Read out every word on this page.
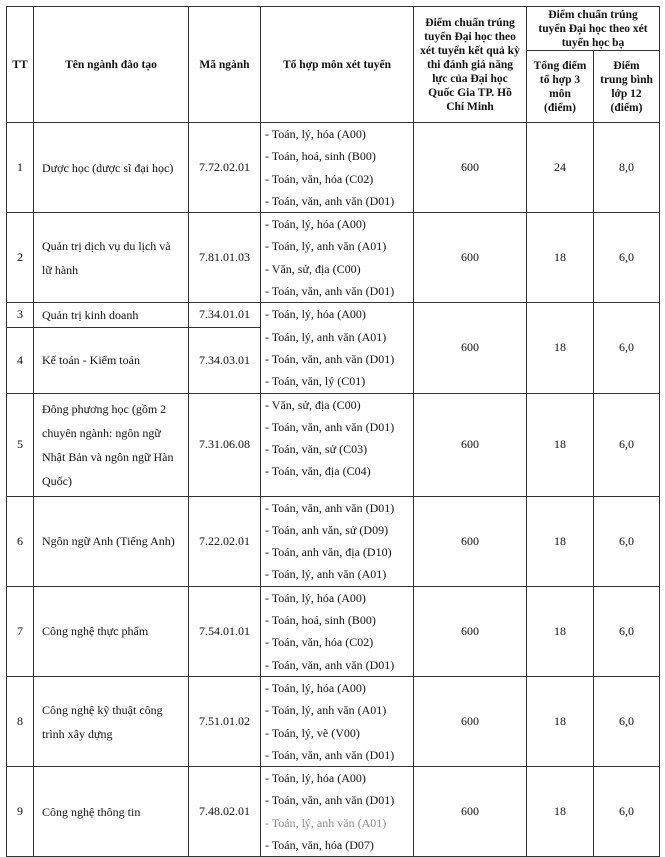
TT	Tên ngành đào tạo	Mã ngành	Tổ hợp môn xét tuyển	Điểm chuẩn trúng tuyển Đại học theo xét tuyển kết quả kỳ thi đánh giá năng lực của Đại học Quốc Gia TP. Hồ Chí Minh	Điểm chuẩn trúng tuyển Đại học theo xét tuyển học bạ	
					Tổng điểm tổ hợp 3 môn (điểm)	Điểm trung bình lớp 12 (điểm)
1	Dược học (dược sĩ đại học)	7.72.02.01	- Toán, lý, hóa (A00)
- Toán, hoá, sinh (B00)
- Toán, văn, hóa (C02)
- Toán, văn, anh văn (D01)	600	24	8,0
2	Quản trị dịch vụ du lịch và lữ hành	7.81.01.03	- Toán, lý, hóa (A00)
- Toán, lý, anh văn (A01)
- Văn, sử, địa (C00)
- Toán, văn, anh văn (D01)	600	18	6,0
3	Quản trị kinh doanh	7.34.01.01	- Toán, lý, hóa (A00)
- Toán, lý, anh văn (A01)
- Toán, văn, anh văn (D01)
- Toán, văn, lý (C01)	600	18	6,0
4	Kế toán - Kiểm toán	7.34.03.01				
5	Đông phương học (gồm 2 chuyên ngành: ngôn ngữ Nhật Bản và ngôn ngữ Hàn Quốc)	7.31.06.08	- Văn, sử, địa (C00)
- Toán, văn, anh văn (D01)
- Toán, văn, sử (C03)
- Toán, văn, địa (C04)	600	18	6,0
6	Ngôn ngữ Anh (Tiếng Anh)	7.22.02.01	- Toán, văn, anh văn (D01)
- Toán, anh văn, sử (D09)
- Toán, anh văn, địa (D10)
- Toán, lý, anh văn (A01)	600	18	6,0
7	Công nghệ thực phẩm	7.54.01.01	- Toán, lý, hóa (A00)
- Toán, hoá, sinh (B00)
- Toán, văn, hóa (C02)
- Toán, văn, anh văn (D01)	600	18	6,0
8	Công nghệ kỹ thuật công trình xây dựng	7.51.01.02	- Toán, lý, hóa (A00)
- Toán, lý, anh văn (A01)
- Toán, lý, vẽ (V00)
- Toán, văn, anh văn (D01)	600	18	6,0
9	Công nghệ thông tin	7.48.02.01	- Toán, lý, hóa (A00)
- Toán, văn, anh văn (D01)
- Toán, lý, anh văn (A01)
- Toán, văn, hóa (D07)	600	18	6,0
